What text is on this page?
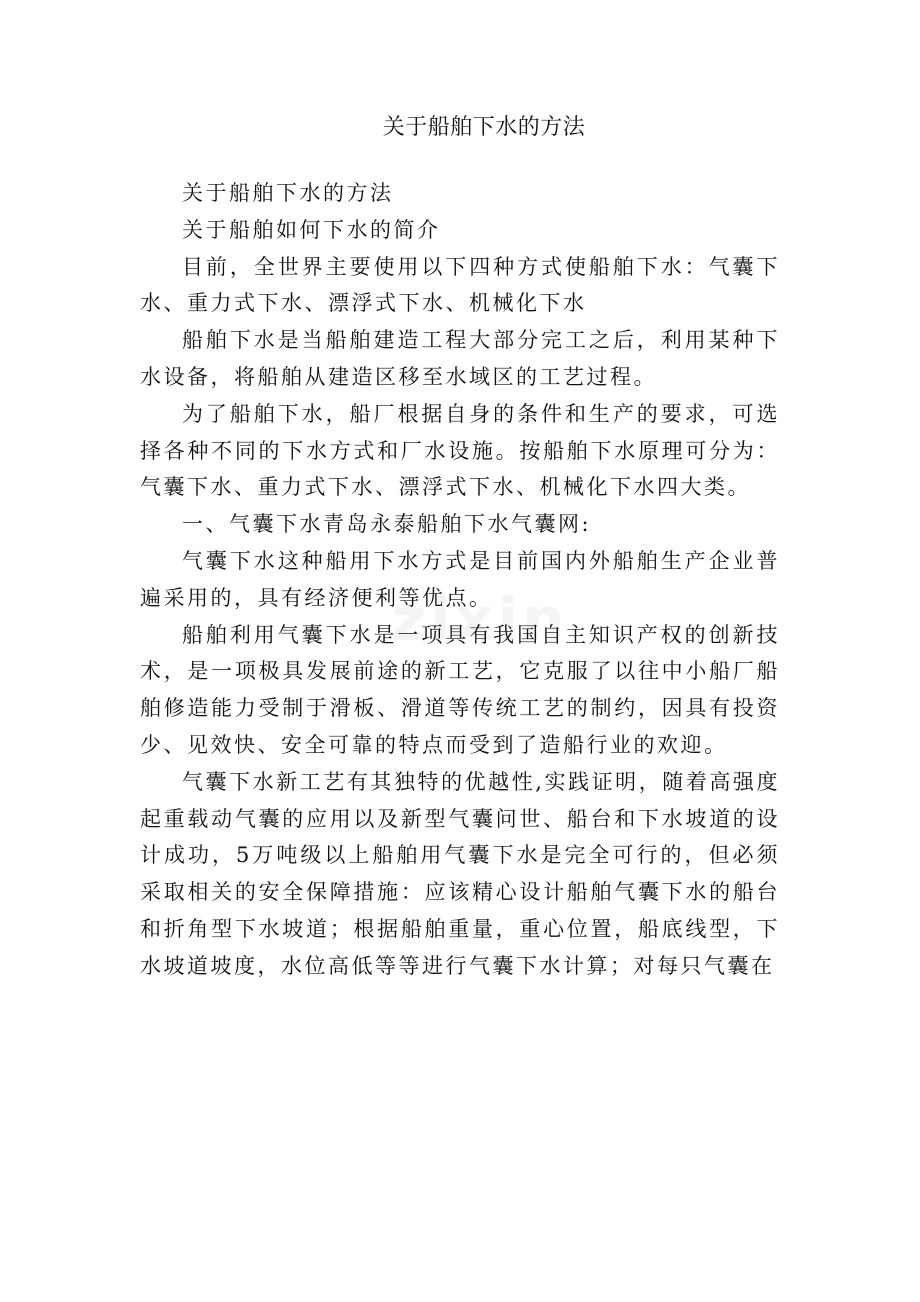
关于船舶下水的方法

关于船舶下水的方法

关于船舶如何下水的简介

目前，全世界主要使用以下四种方式使船舶下水：气囊下水、重力式下水、漂浮式下水、机械化下水

船舶下水是当船舶建造工程大部分完工之后，利用某种下水设备，将船舶从建造区移至水域区的工艺过程。

为了船舶下水，船厂根据自身的条件和生产的要求，可选择各种不同的下水方式和厂水设施。按船舶下水原理可分为：气囊下水、重力式下水、漂浮式下水、机械化下水四大类。

一、气囊下水青岛永泰船舶下水气囊网:

气囊下水这种船用下水方式是目前国内外船舶生产企业普遍采用的，具有经济便利等优点。

船舶利用气囊下水是一项具有我国自主知识产权的创新技术，是一项极具发展前途的新工艺，它克服了以往中小船厂船舶修造能力受制于滑板、滑道等传统工艺的制约，因具有投资少、见效快、安全可靠的特点而受到了造船行业的欢迎。

气囊下水新工艺有其独特的优越性,实践证明，随着高强度起重载动气囊的应用以及新型气囊问世、船台和下水坡道的设计成功，5万吨级以上船舶用气囊下水是完全可行的，但必须采取相关的安全保障措施：应该精心设计船舶气囊下水的船台和折角型下水坡道；根据船舶重量，重心位置，船底线型，下水坡道坡度，水位高低等等进行气囊下水计算；对每只气囊在
